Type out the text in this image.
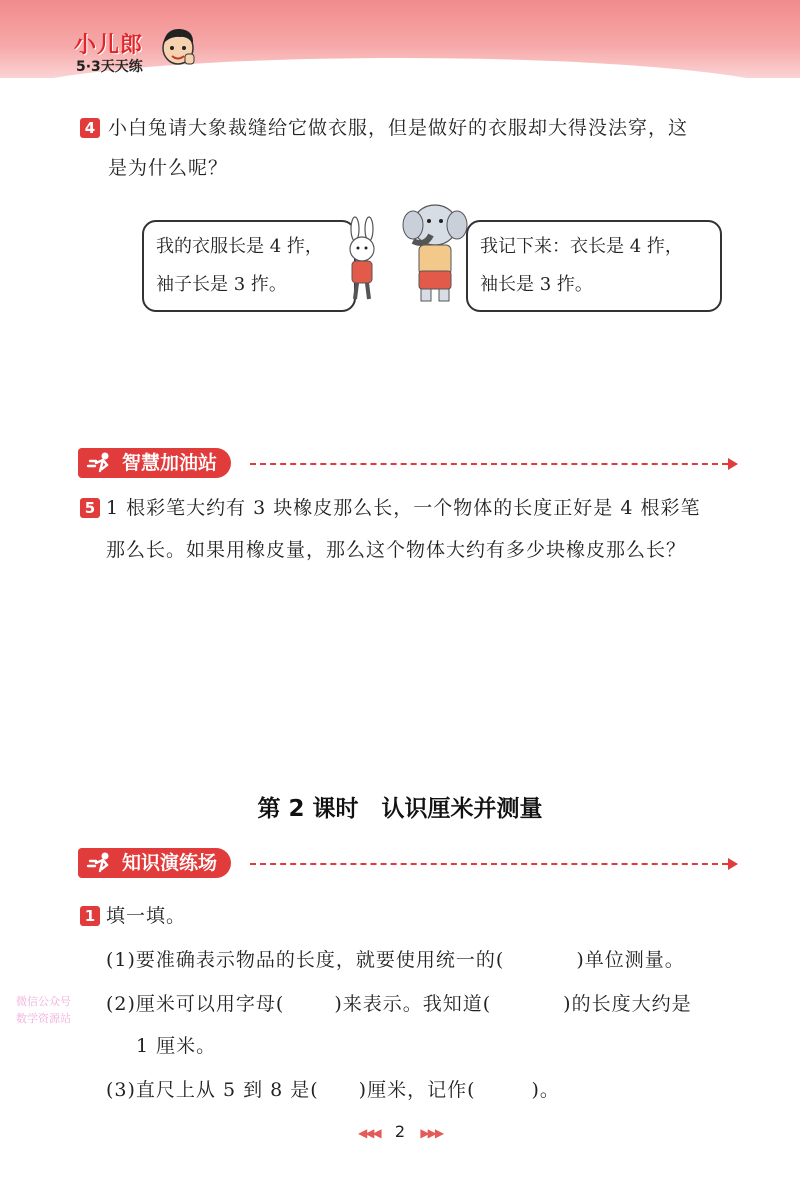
小儿郎
5·3天天练
4 小白兔请大象裁缝给它做衣服，但是做好的衣服却大得没法穿，这
是为什么呢？
我的衣服长是 4 拃，
袖子长是 3 拃。
我记下来：衣长是 4 拃，
袖长是 3 拃。
智慧加油站
5 1 根彩笔大约有 3 块橡皮那么长，一个物体的长度正好是 4 根彩笔
那么长。如果用橡皮量，那么这个物体大约有多少块橡皮那么长？
第 2 课时　认识厘米并测量
知识演练场
1 填一填。
(1)要准确表示物品的长度，就要使用统一的(	)单位测量。
(2)厘米可以用字母(	)来表示。我知道(	)的长度大约是
1 厘米。
(3)直尺上从 5 到 8 是( )厘米，记作(	)。
微信公众号
数学资源站
◀◀◀ 2 ▶▶▶
